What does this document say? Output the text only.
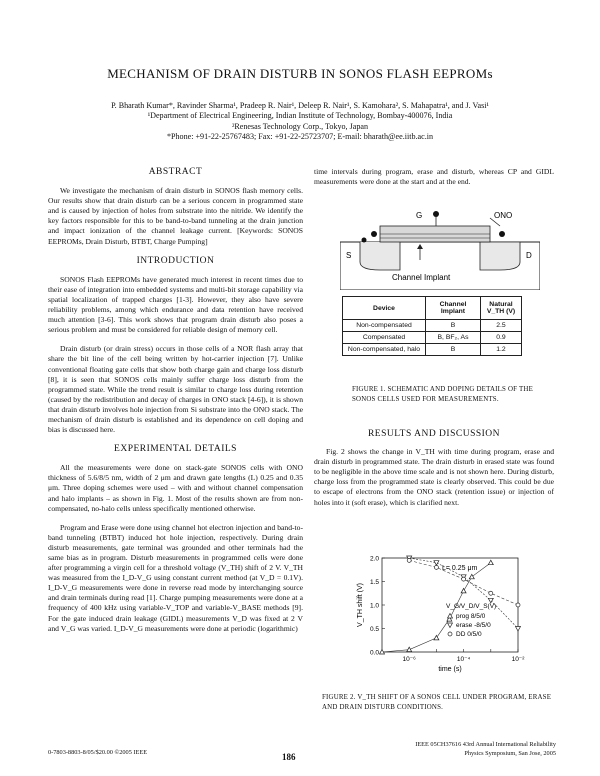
MECHANISM OF DRAIN DISTURB IN SONOS FLASH EEPROMs
P. Bharath Kumar*, Ravinder Sharma¹, Pradeep R. Nair¹, Deleep R. Nair¹, S. Kamohara², S. Mahapatra¹, and J. Vasi¹
¹Department of Electrical Engineering, Indian Institute of Technology, Bombay-400076, India
²Renesas Technology Corp., Tokyo, Japan
*Phone: +91-22-25767483; Fax: +91-22-25723707; E-mail: bharath@ee.iitb.ac.in
ABSTRACT

We investigate the mechanism of drain disturb in SONOS flash memory cells. Our results show that drain disturb can be a serious concern in programmed state and is caused by injection of holes from substrate into the nitride. We identify the key factors responsible for this to be band-to-band tunneling at the drain junction and impact ionization of the channel leakage current. [Keywords: SONOS EEPROMs, Drain Disturb, BTBT, Charge Pumping]

INTRODUCTION

SONOS Flash EEPROMs have generated much interest in recent times due to their ease of integration into embedded systems and multi-bit storage capability via spatial localization of trapped charges [1-3]. However, they also have severe reliability problems, among which endurance and data retention have received much attention [3-6]. This work shows that program drain disturb also poses a serious problem and must be considered for reliable design of memory cell.

Drain disturb (or drain stress) occurs in those cells of a NOR flash array that share the bit line of the cell being written by hot-carrier injection [7]. Unlike conventional floating gate cells that show both charge gain and charge loss disturb [8], it is seen that SONOS cells mainly suffer charge loss disturb from the programmed state. While the trend result is similar to charge loss during retention (caused by the redistribution and decay of charges in ONO stack [4-6]), it is shown that drain disturb involves hole injection from Si substrate into the ONO stack. The mechanism of drain disturb is established and its dependence on cell doping and bias is discussed here.

EXPERIMENTAL DETAILS

All the measurements were done on stack-gate SONOS cells with ONO thickness of 5.6/8/5 nm, width of 2 μm and drawn gate lengths (L) 0.25 and 0.35 μm. Three doping schemes were used – with and without channel compensation and halo implants – as shown in Fig. 1. Most of the results shown are from non-compensated, no-halo cells unless specifically mentioned otherwise.

Program and Erase were done using channel hot electron injection and band-to-band tunneling (BTBT) induced hot hole injection, respectively. During drain disturb measurements, gate terminal was grounded and other terminals had the same bias as in program. Disturb measurements in programmed cells were done after programming a virgin cell for a threshold voltage (V_TH) shift of 2 V. V_TH was measured from the I_D-V_G using constant current method (at V_D = 0.1V). I_D-V_G measurements were done in reverse read mode by interchanging source and drain terminals during read [1]. Charge pumping measurements were done at a frequency of 400 kHz using variable-V_TOP and variable-V_BASE methods [9]. For the gate induced drain leakage (GIDL) measurements V_D was fixed at 2 V and V_G was varied. I_D-V_G measurements were done at periodic (logarithmic)

time intervals during program, erase and disturb, whereas CP and GIDL measurements were done at the start and at the end.
G	ONO
S	D
Channel Implant
Device	Channel Implant	Natural V_TH (V)
Non-compensated	B	2.5
Compensated	B, BF₂, As	0.9
Non-compensated, halo	B	1.2
FIGURE 1. SCHEMATIC AND DOPING DETAILS OF THE SONOS CELLS USED FOR MEASUREMENTS.
RESULTS AND DISCUSSION

Fig. 2 shows the change in V_TH with time during program, erase and drain disturb in programmed state. The drain disturb in erased state was found to be negligible in the above time scale and is not shown here. During disturb, charge loss from the programmed state is clearly observed. This could be due to escape of electrons from the ONO stack (retention issue) or injection of holes into it (soft erase), which is clarified next.

0.0
0.5
1.0
1.5
2.0
10⁻⁶	10⁻⁴	10⁻²
time (s)
V_TH shift (V)
L= 0.25 μm
V_G/V_D/V_S(V)
prog 8/5/0
erase -8/5/0
DD 0/5/0
FIGURE 2. V_TH SHIFT OF A SONOS CELL UNDER PROGRAM, ERASE AND DRAIN DISTURB CONDITIONS.
0-7803-8803-8/05/$20.00 ©2005 IEEE	186
IEEE 05CH37616 43rd Annual International Reliability
Physics Symposium, San Jose, 2005
